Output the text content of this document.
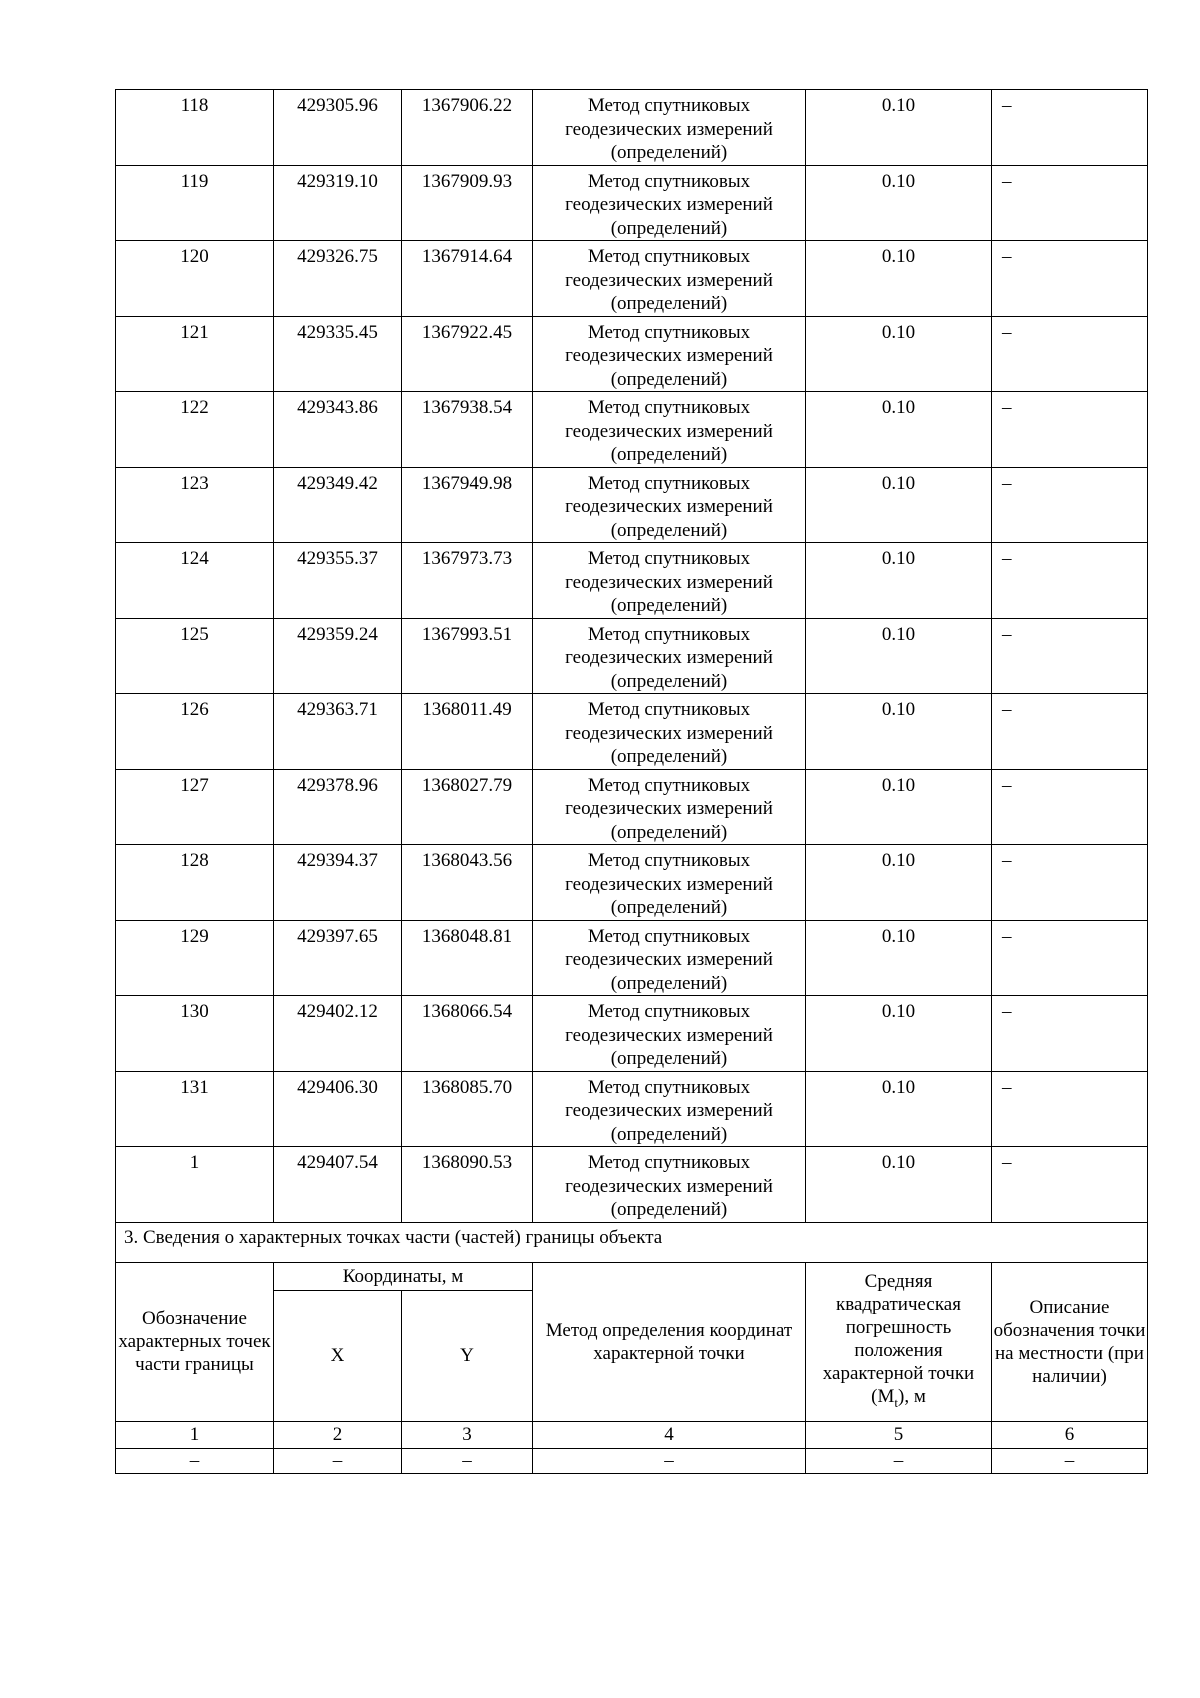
118	429305.96	1367906.22	Метод спутниковых геодезических измерений (определений)	0.10	–
119	429319.10	1367909.93	Метод спутниковых геодезических измерений (определений)	0.10	–
120	429326.75	1367914.64	Метод спутниковых геодезических измерений (определений)	0.10	–
121	429335.45	1367922.45	Метод спутниковых геодезических измерений (определений)	0.10	–
122	429343.86	1367938.54	Метод спутниковых геодезических измерений (определений)	0.10	–
123	429349.42	1367949.98	Метод спутниковых геодезических измерений (определений)	0.10	–
124	429355.37	1367973.73	Метод спутниковых геодезических измерений (определений)	0.10	–
125	429359.24	1367993.51	Метод спутниковых геодезических измерений (определений)	0.10	–
126	429363.71	1368011.49	Метод спутниковых геодезических измерений (определений)	0.10	–
127	429378.96	1368027.79	Метод спутниковых геодезических измерений (определений)	0.10	–
128	429394.37	1368043.56	Метод спутниковых геодезических измерений (определений)	0.10	–
129	429397.65	1368048.81	Метод спутниковых геодезических измерений (определений)	0.10	–
130	429402.12	1368066.54	Метод спутниковых геодезических измерений (определений)	0.10	–
131	429406.30	1368085.70	Метод спутниковых геодезических измерений (определений)	0.10	–
1	429407.54	1368090.53	Метод спутниковых геодезических измерений (определений)	0.10	–
3. Сведения о характерных точках части (частей) границы объекта					
Обозначение характерных точек части границы	Координаты, м		Метод определения координат характерной точки	Средняя квадратическая погрешность положения характерной точки $(M_t)$, м	Описание обозначения точки на местности (при наличии)
	X	Y			
1	2	3	4	5	6
–	–	–	–	–	–
